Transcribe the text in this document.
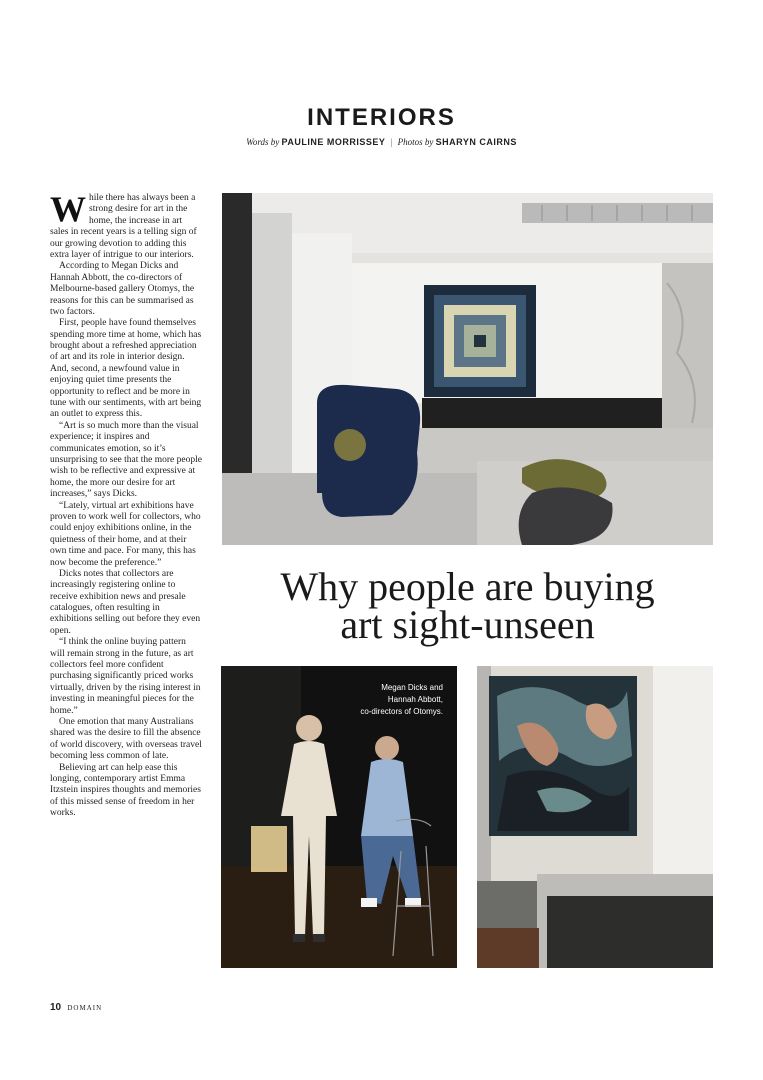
INTERIORS
Words by PAULINE MORRISSEY | Photos by SHARYN CAIRNS

While there has always been a strong desire for art in the home, the increase in art sales in recent years is a telling sign of our growing devotion to adding this extra layer of intrigue to our interiors.

According to Megan Dicks and Hannah Abbott, the co-directors of Melbourne-based gallery Otomys, the reasons for this can be summarised as two factors.

First, people have found themselves spending more time at home, which has brought about a refreshed appreciation of art and its role in interior design. And, second, a newfound value in enjoying quiet time presents the opportunity to reflect and be more in tune with our sentiments, with art being an outlet to express this.

“Art is so much more than the visual experience; it inspires and communicates emotion, so it’s unsurprising to see that the more people wish to be reflective and expressive at home, the more our desire for art increases,” says Dicks.

“Lately, virtual art exhibitions have proven to work well for collectors, who could enjoy exhibitions online, in the quietness of their home, and at their own time and pace. For many, this has now become the preference.”

Dicks notes that collectors are increasingly registering online to receive exhibition news and presale catalogues, often resulting in exhibitions selling out before they even open.

“I think the online buying pattern will remain strong in the future, as art collectors feel more confident purchasing significantly priced works virtually, driven by the rising interest in investing in meaningful pieces for the home.”

One emotion that many Australians shared was the desire to fill the absence of world discovery, with overseas travel becoming less common of late.

Believing art can help ease this longing, contemporary artist Emma Itzstein inspires thoughts and memories of this missed sense of freedom in her works.

Why people are buying
art sight-unseen
Megan Dicks and
Hannah Abbott,
co-directors of Otomys.
10 DOMAIN
